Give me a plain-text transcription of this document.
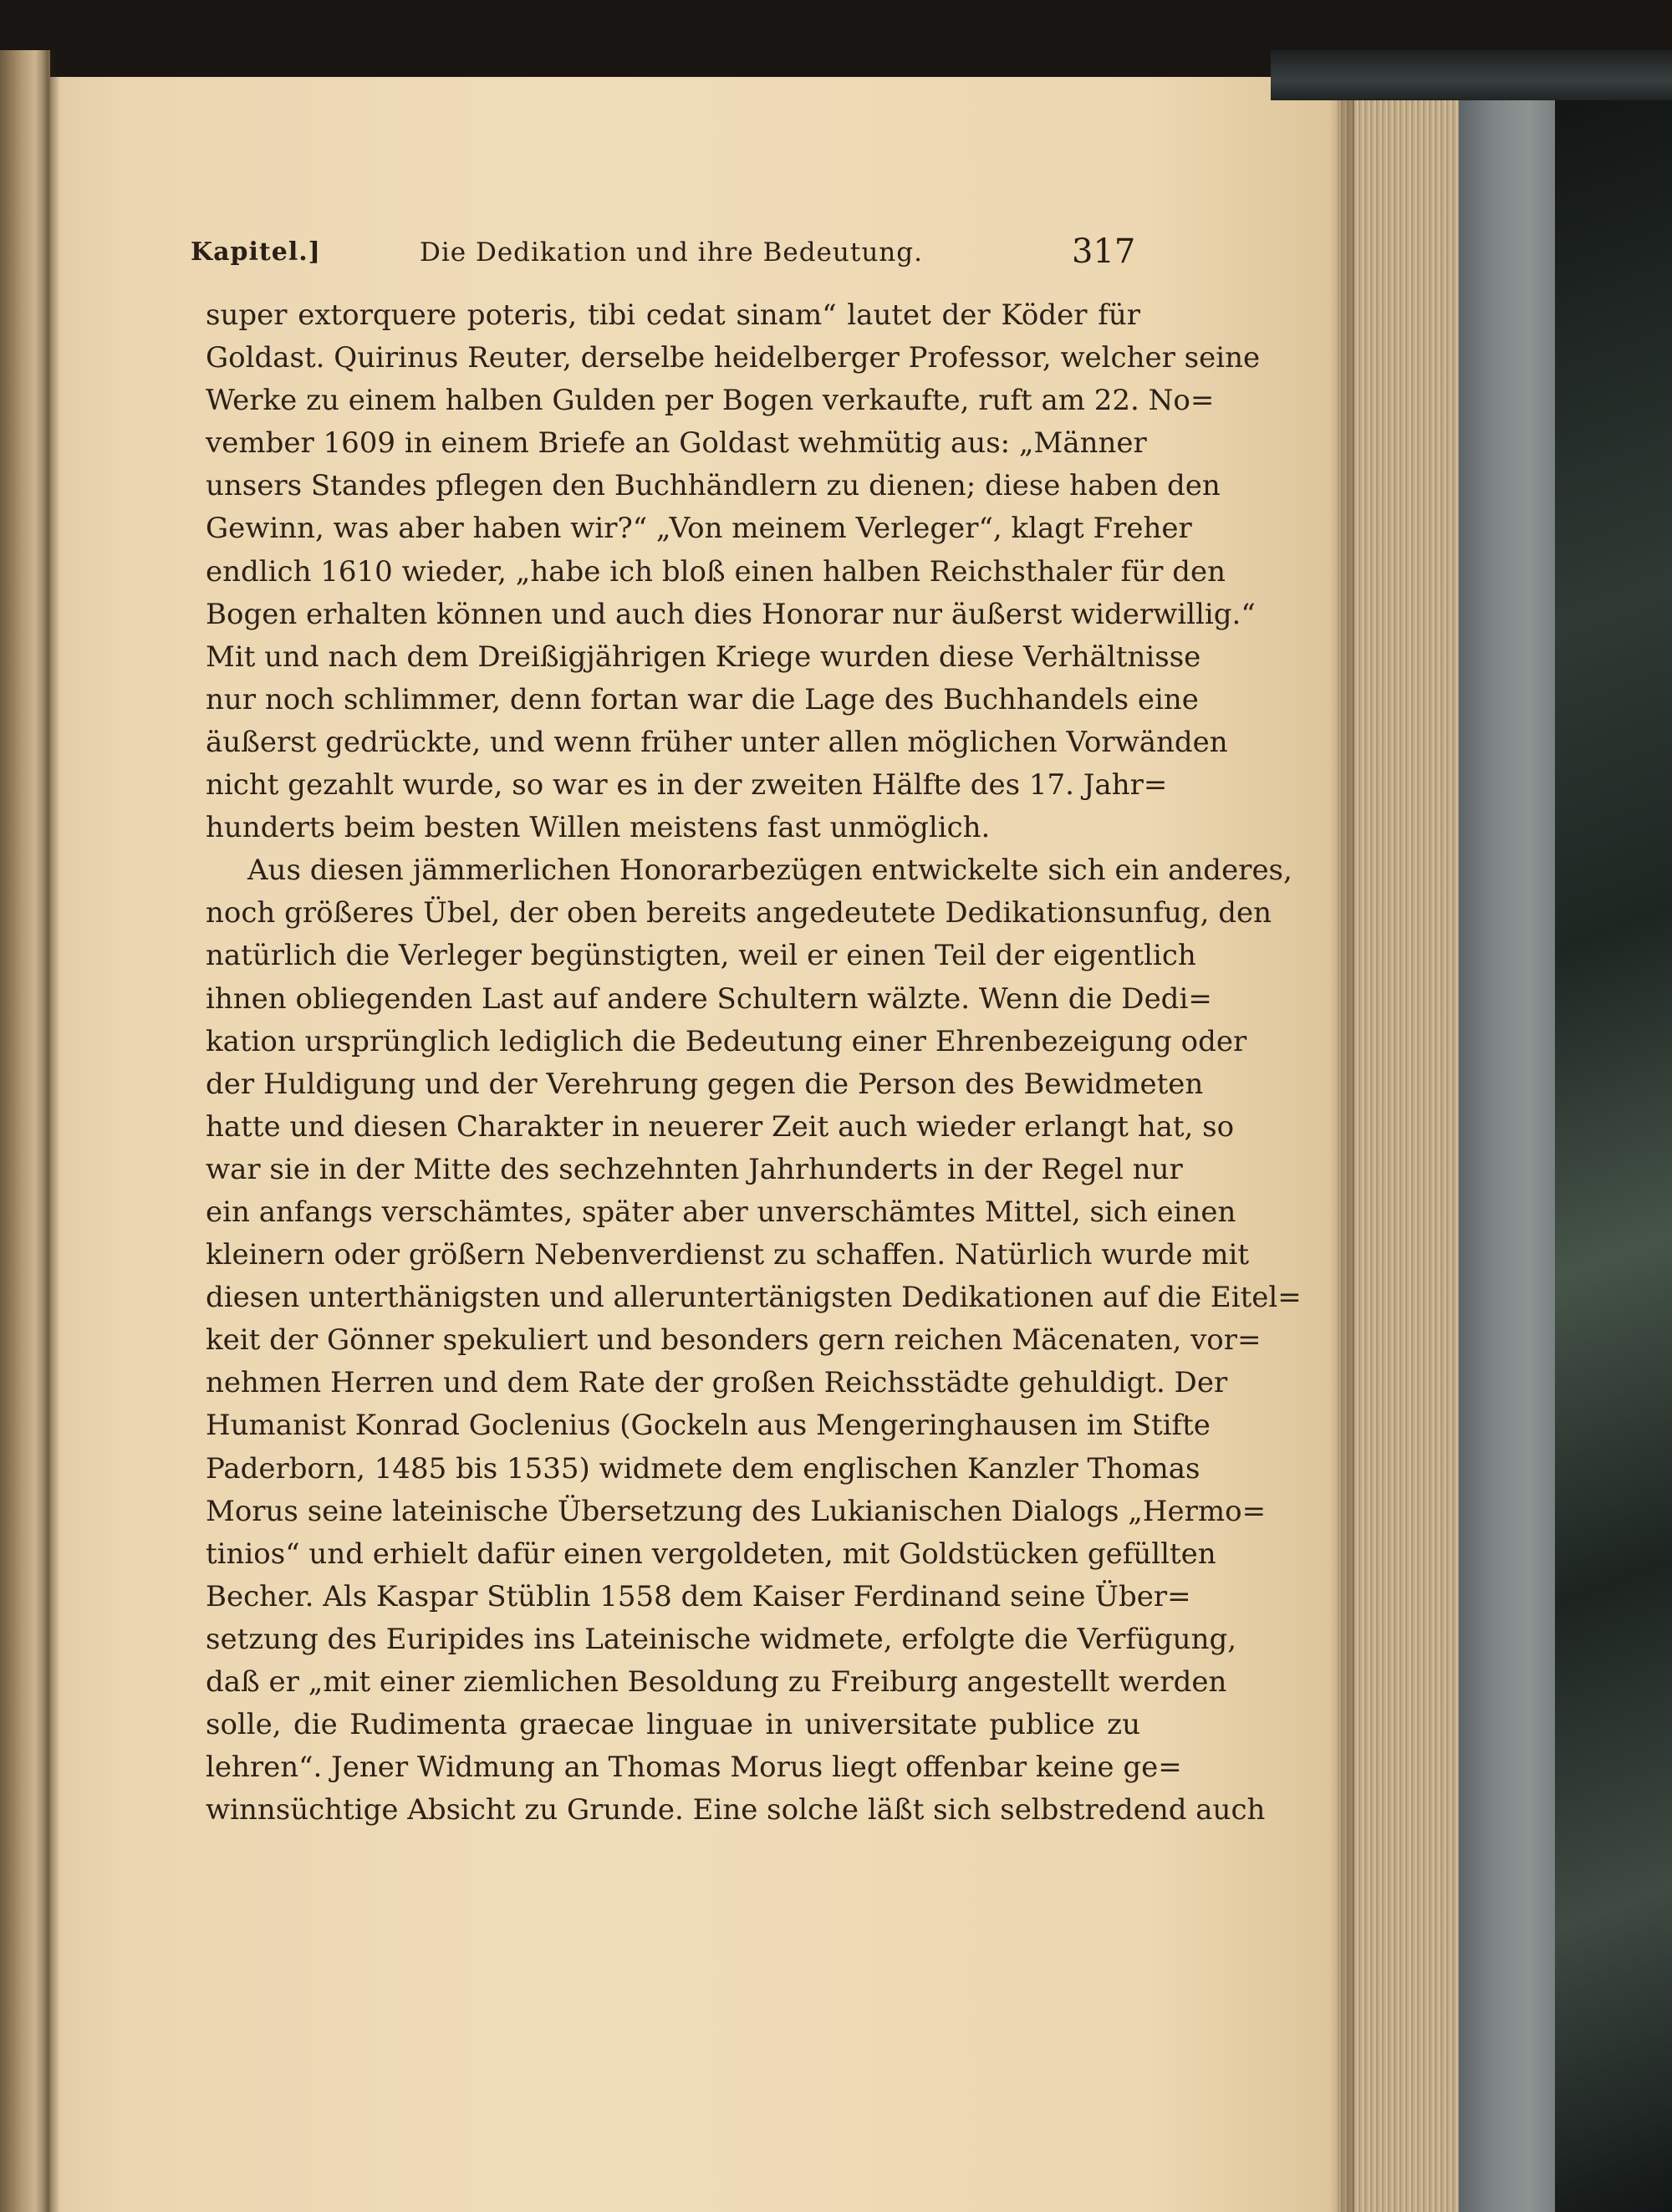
Kapitel.]	Die Dedikation und ihre Bedeutung.	317
super extorquere poteris, tibi cedat sinam“ lautet der Köder für
Goldast. Quirinus Reuter, derselbe heidelberger Professor, welcher seine
Werke zu einem halben Gulden per Bogen verkaufte, ruft am 22. No=
vember 1609 in einem Briefe an Goldast wehmütig aus: „Männer
unsers Standes pflegen den Buchhändlern zu dienen; diese haben den
Gewinn, was aber haben wir?“ „Von meinem Verleger“, klagt Freher
endlich 1610 wieder, „habe ich bloß einen halben Reichsthaler für den
Bogen erhalten können und auch dies Honorar nur äußerst widerwillig.“
Mit und nach dem Dreißigjährigen Kriege wurden diese Verhältnisse
nur noch schlimmer, denn fortan war die Lage des Buchhandels eine
äußerst gedrückte, und wenn früher unter allen möglichen Vorwänden
nicht gezahlt wurde, so war es in der zweiten Hälfte des 17. Jahr=
hunderts beim besten Willen meistens fast unmöglich.
Aus diesen jämmerlichen Honorarbezügen entwickelte sich ein anderes,
noch größeres Übel, der oben bereits angedeutete Dedikationsunfug, den
natürlich die Verleger begünstigten, weil er einen Teil der eigentlich
ihnen obliegenden Last auf andere Schultern wälzte. Wenn die Dedi=
kation ursprünglich lediglich die Bedeutung einer Ehrenbezeigung oder
der Huldigung und der Verehrung gegen die Person des Bewidmeten
hatte und diesen Charakter in neuerer Zeit auch wieder erlangt hat, so
war sie in der Mitte des sechzehnten Jahrhunderts in der Regel nur
ein anfangs verschämtes, später aber unverschämtes Mittel, sich einen
kleinern oder größern Nebenverdienst zu schaffen. Natürlich wurde mit
diesen unterthänigsten und alleruntertänigsten Dedikationen auf die Eitel=
keit der Gönner spekuliert und besonders gern reichen Mäcenaten, vor=
nehmen Herren und dem Rate der großen Reichsstädte gehuldigt. Der
Humanist Konrad Goclenius (Gockeln aus Mengeringhausen im Stifte
Paderborn, 1485 bis 1535) widmete dem englischen Kanzler Thomas
Morus seine lateinische Übersetzung des Lukianischen Dialogs „Hermo=
tinios“ und erhielt dafür einen vergoldeten, mit Goldstücken gefüllten
Becher. Als Kaspar Stüblin 1558 dem Kaiser Ferdinand seine Über=
setzung des Euripides ins Lateinische widmete, erfolgte die Verfügung,
daß er „mit einer ziemlichen Besoldung zu Freiburg angestellt werden
solle, die Rudimenta graecae linguae in universitate publice zu
lehren“. Jener Widmung an Thomas Morus liegt offenbar keine ge=
winnsüchtige Absicht zu Grunde. Eine solche läßt sich selbstredend auch
